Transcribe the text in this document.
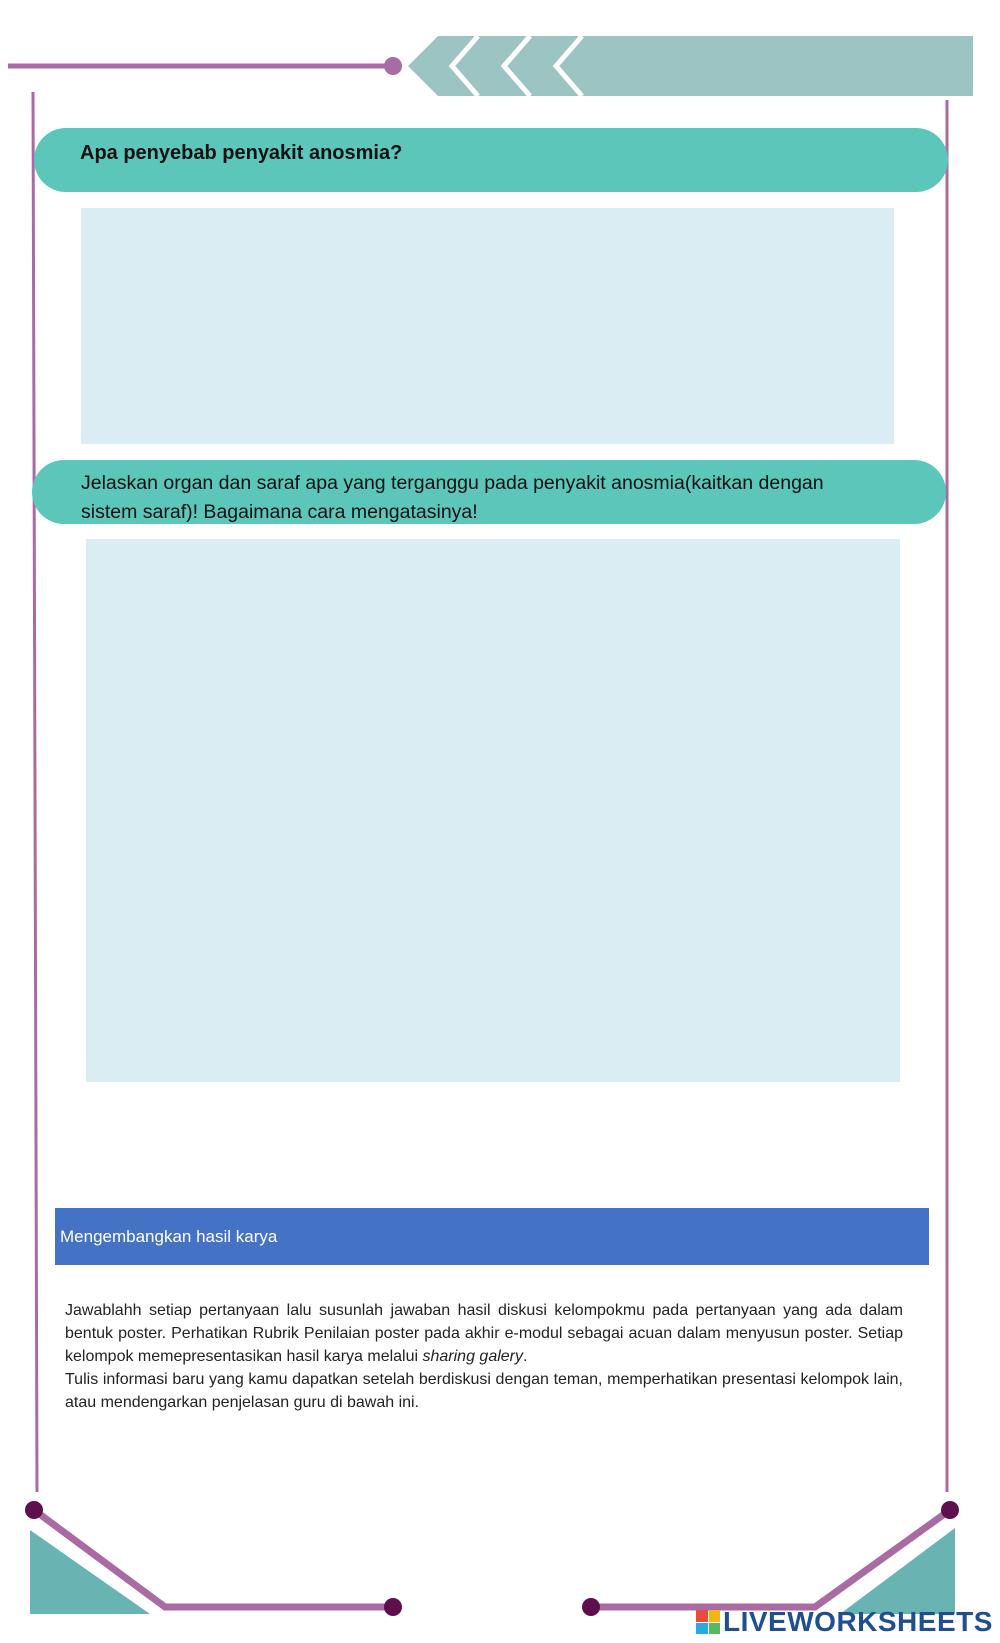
Apa penyebab penyakit anosmia?
Jelaskan organ dan saraf apa yang terganggu pada penyakit anosmia(kaitkan dengan
sistem saraf)! Bagaimana cara mengatasinya!
Mengembangkan hasil karya

Jawablahh setiap pertanyaan lalu susunlah jawaban hasil diskusi kelompokmu pada pertanyaan yang ada dalam bentuk poster. Perhatikan Rubrik Penilaian poster pada akhir e-modul sebagai acuan dalam menyusun poster. Setiap kelompok memepresentasikan hasil karya melalui sharing galery.

Tulis informasi baru yang kamu dapatkan setelah berdiskusi dengan teman, memperhatikan presentasi kelompok lain, atau mendengarkan penjelasan guru di bawah ini.

LIVEWORKSHEETS
